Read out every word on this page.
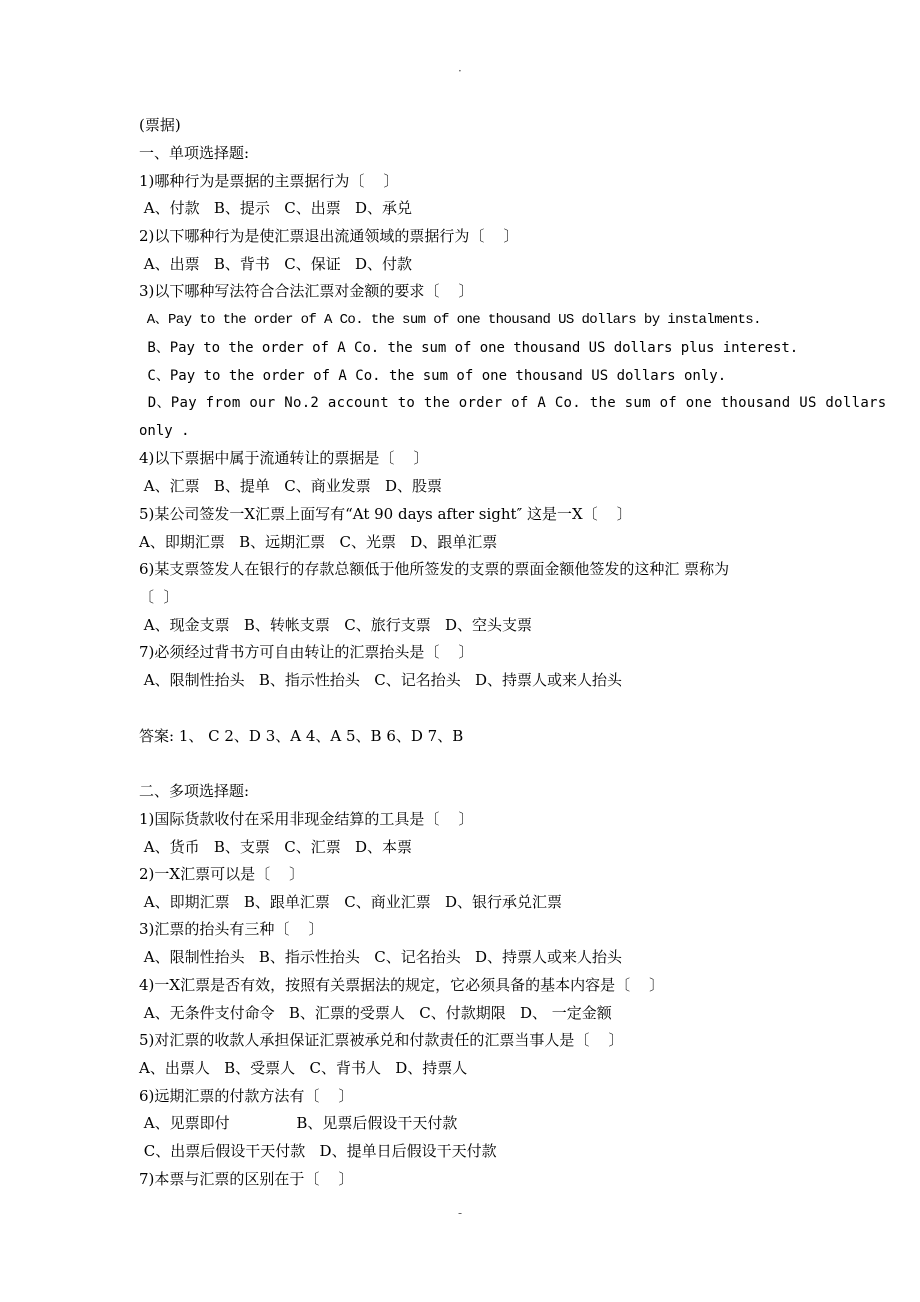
·
(票据)
一、单项选择题:
1)哪种行为是票据的主票据行为〔    〕
A、付款   B、提示   C、出票   D、承兑
2)以下哪种行为是使汇票退出流通领域的票据行为〔    〕
A、出票   B、背书   C、保证   D、付款
3)以下哪种写法符合合法汇票对金额的要求〔    〕
A、Pay to the order of A Co. the sum of one thousand US dollars by instalments.
B、Pay to the order of A Co. the sum of one thousand US dollars plus interest.
C、Pay to the order of A Co. the sum of one thousand US dollars only.
D、Pay from our No.2 account to the order of A Co. the sum of one thousand US dollars
only .
4)以下票据中属于流通转让的票据是〔    〕
A、汇票   B、提单   C、商业发票   D、股票
5)某公司签发一X汇票上面写有“At 90 days after sight″ 这是一X〔    〕
A、即期汇票   B、远期汇票   C、光票   D、跟单汇票
6)某支票签发人在银行的存款总额低于他所签发的支票的票面金额他签发的这种汇 票称为
〔  〕
A、现金支票   B、转帐支票   C、旅行支票   D、空头支票
7)必须经过背书方可自由转让的汇票抬头是〔    〕
A、限制性抬头   B、指示性抬头   C、记名抬头   D、持票人或来人抬头
答案: 1、 C 2、D 3、A 4、A 5、B 6、D 7、B
二、多项选择题:
1)国际货款收付在采用非现金结算的工具是〔    〕
A、货币   B、支票   C、汇票   D、本票
2)一X汇票可以是〔    〕
A、即期汇票   B、跟单汇票   C、商业汇票   D、银行承兑汇票
3)汇票的抬头有三种〔    〕
A、限制性抬头   B、指示性抬头   C、记名抬头   D、持票人或来人抬头
4)一X汇票是否有效，按照有关票据法的规定，它必须具备的基本内容是〔    〕
A、无条件支付命令   B、汇票的受票人   C、付款期限   D、 一定金额
5)对汇票的收款人承担保证汇票被承兑和付款责任的汇票当事人是〔    〕
A、出票人   B、受票人   C、背书人   D、持票人
6)远期汇票的付款方法有〔    〕
A、见票即付              B、见票后假设干天付款
C、出票后假设干天付款   D、提单日后假设干天付款
7)本票与汇票的区别在于〔    〕
-
